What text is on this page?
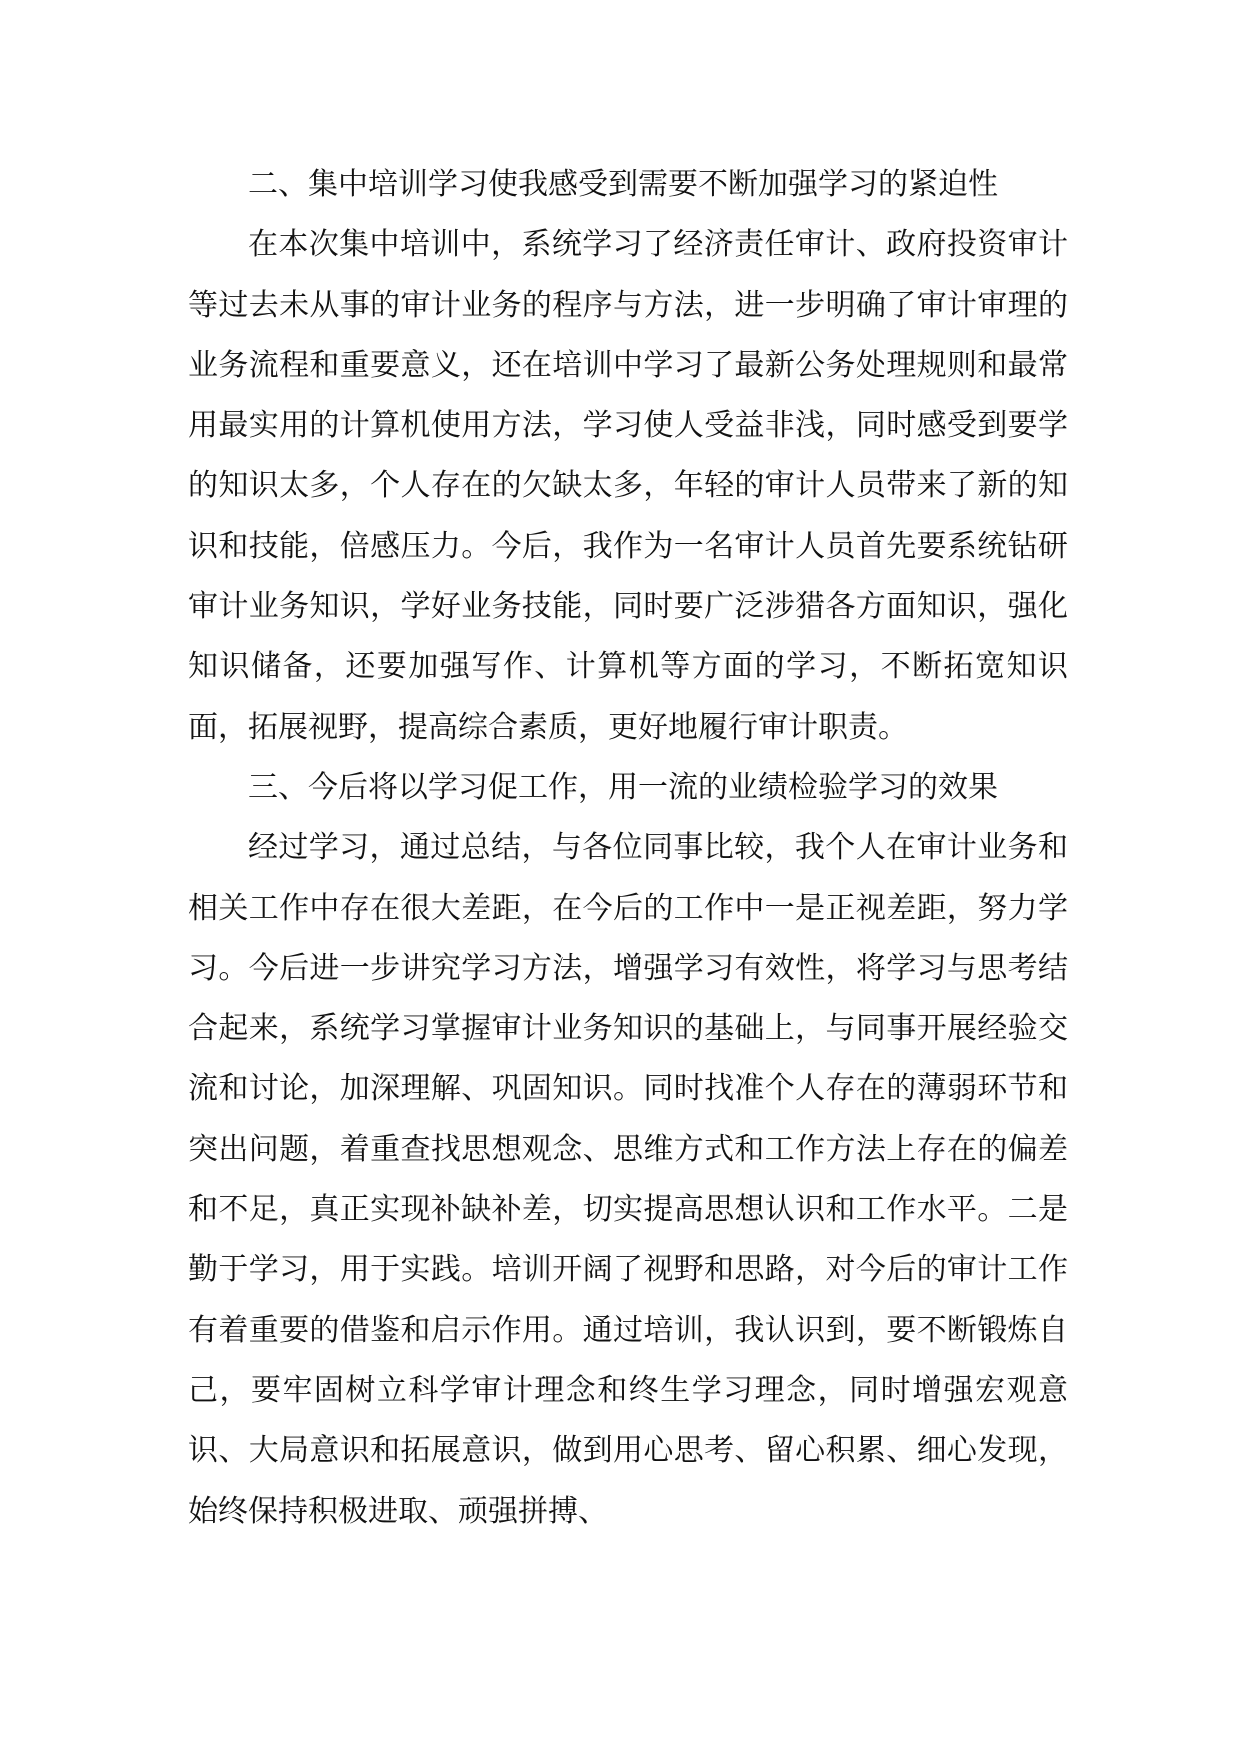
二、集中培训学习使我感受到需要不断加强学习的紧迫性

在本次集中培训中，系统学习了经济责任审计、政府投资审计等过去未从事的审计业务的程序与方法，进一步明确了审计审理的业务流程和重要意义，还在培训中学习了最新公务处理规则和最常用最实用的计算机使用方法，学习使人受益非浅，同时感受到要学的知识太多，个人存在的欠缺太多，年轻的审计人员带来了新的知识和技能，倍感压力。今后，我作为一名审计人员首先要系统钻研审计业务知识，学好业务技能，同时要广泛涉猎各方面知识，强化知识储备，还要加强写作、计算机等方面的学习，不断拓宽知识面，拓展视野，提高综合素质，更好地履行审计职责。

三、今后将以学习促工作，用一流的业绩检验学习的效果

经过学习，通过总结，与各位同事比较，我个人在审计业务和相关工作中存在很大差距，在今后的工作中一是正视差距，努力学习。今后进一步讲究学习方法，增强学习有效性，将学习与思考结合起来，系统学习掌握审计业务知识的基础上，与同事开展经验交流和讨论，加深理解、巩固知识。同时找准个人存在的薄弱环节和突出问题，着重查找思想观念、思维方式和工作方法上存在的偏差和不足，真正实现补缺补差，切实提高思想认识和工作水平。二是勤于学习，用于实践。培训开阔了视野和思路，对今后的审计工作有着重要的借鉴和启示作用。通过培训，我认识到，要不断锻炼自己，要牢固树立科学审计理念和终生学习理念，同时增强宏观意识、大局意识和拓展意识，做到用心思考、留心积累、细心发现，始终保持积极进取、顽强拼搏、
